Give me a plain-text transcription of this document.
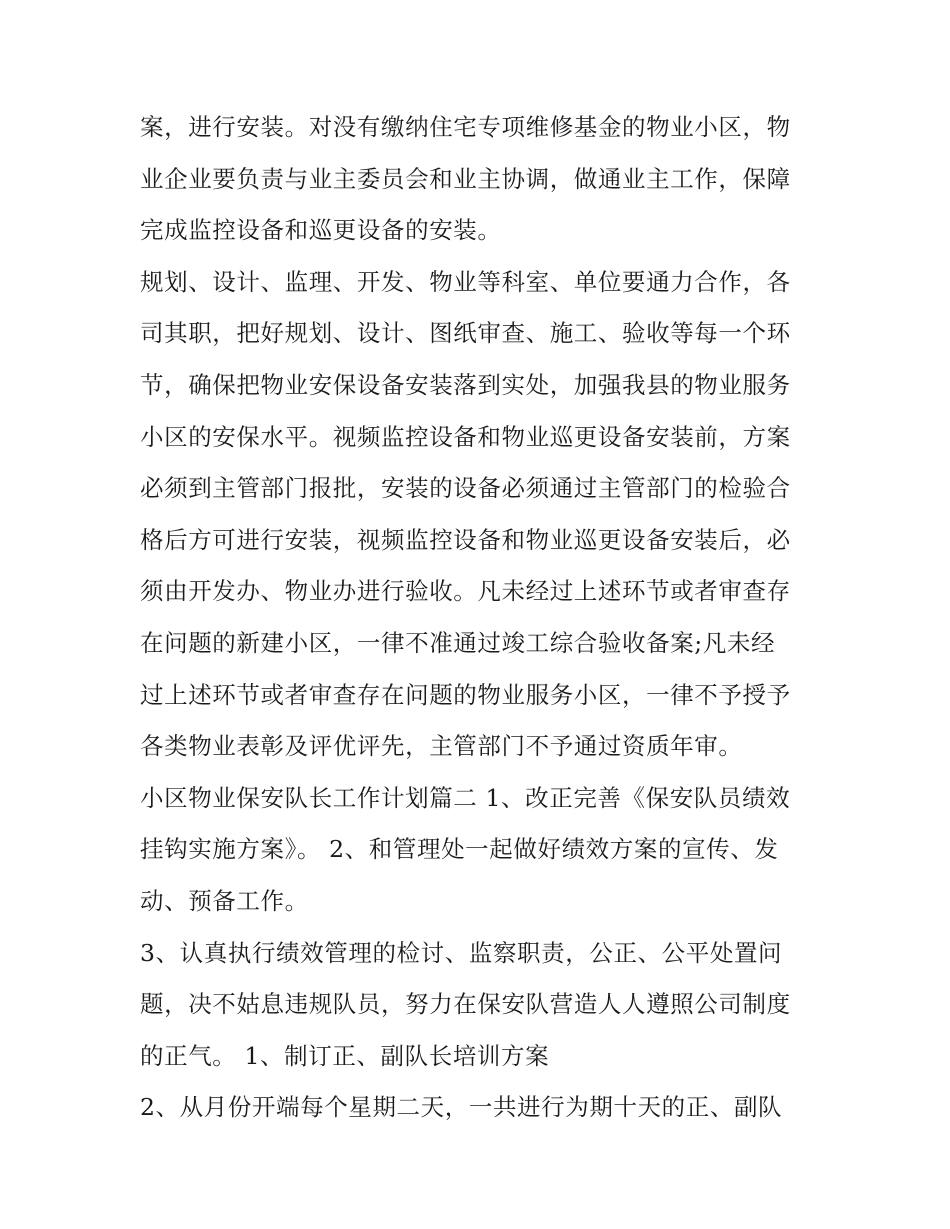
案，进行安装。对没有缴纳住宅专项维修基金的物业小区，物
业企业要负责与业主委员会和业主协调，做通业主工作，保障
完成监控设备和巡更设备的安装。
规划、设计、监理、开发、物业等科室、单位要通力合作，各
司其职，把好规划、设计、图纸审查、施工、验收等每一个环
节，确保把物业安保设备安装落到实处，加强我县的物业服务
小区的安保水平。视频监控设备和物业巡更设备安装前，方案
必须到主管部门报批，安装的设备必须通过主管部门的检验合
格后方可进行安装，视频监控设备和物业巡更设备安装后，必
须由开发办、物业办进行验收。凡未经过上述环节或者审查存
在问题的新建小区，一律不准通过竣工综合验收备案;凡未经
过上述环节或者审查存在问题的物业服务小区，一律不予授予
各类物业表彰及评优评先，主管部门不予通过资质年审。
小区物业保安队长工作计划篇二 1、改正完善《保安队员绩效
挂钩实施方案》。 2、和管理处一起做好绩效方案的宣传、发
动、预备工作。
3、认真执行绩效管理的检讨、监察职责，公正、公平处置问
题，决不姑息违规队员，努力在保安队营造人人遵照公司制度
的正气。 1、制订正、副队长培训方案
2、从月份开端每个星期二天，一共进行为期十天的正、副队
